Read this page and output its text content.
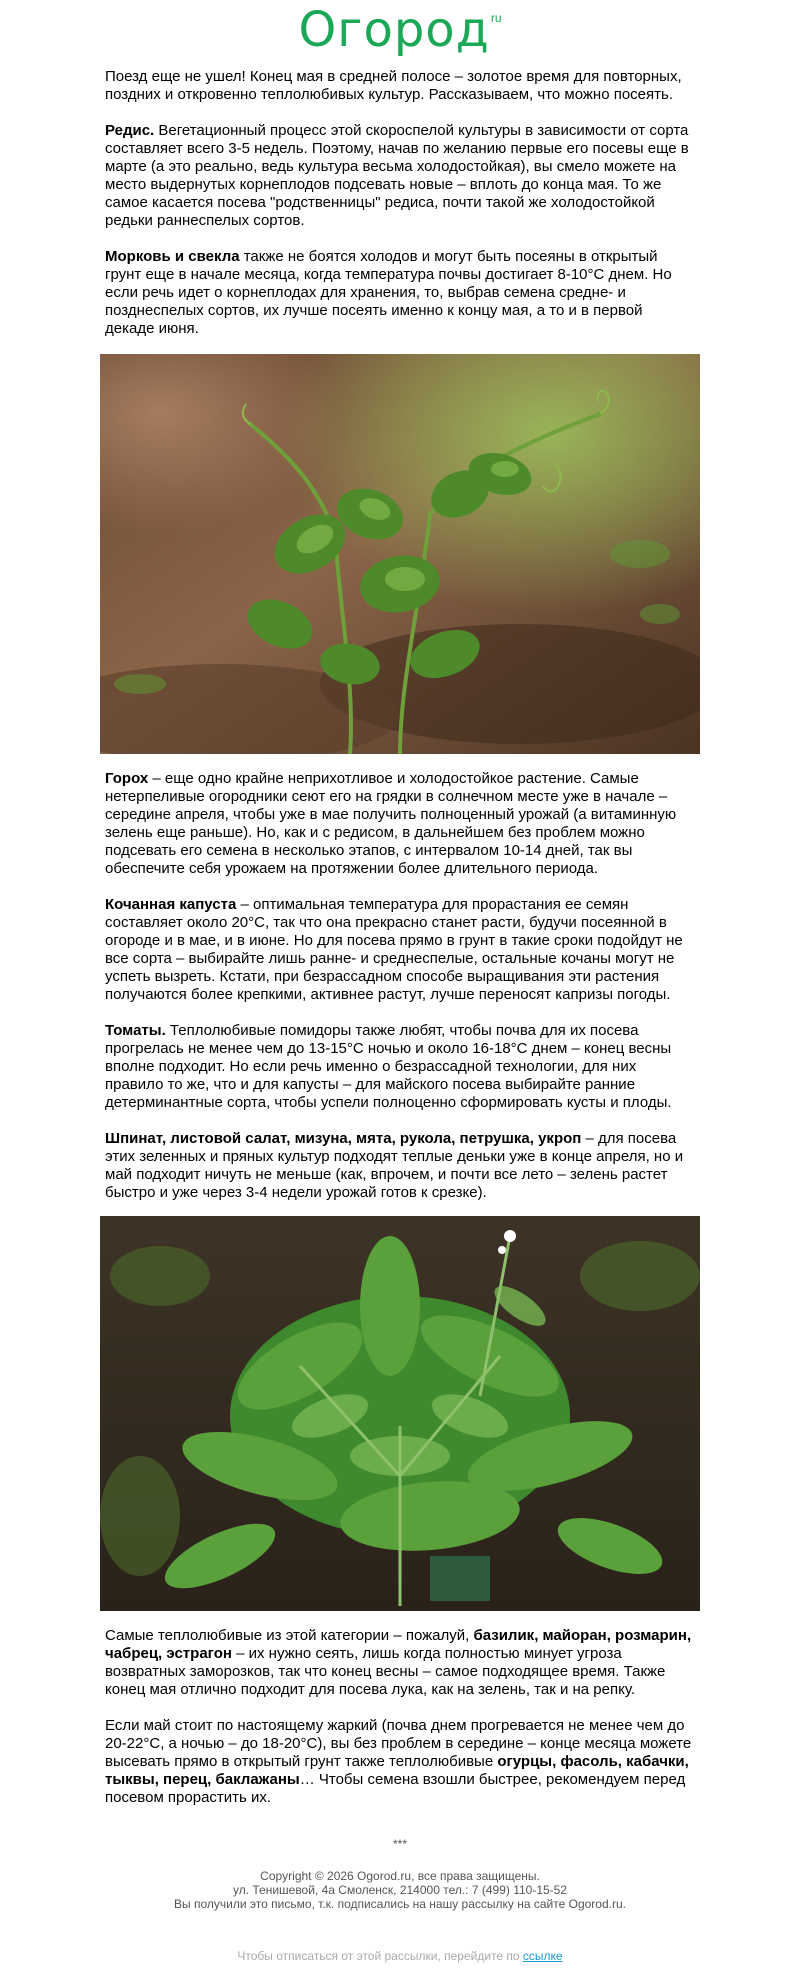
Огород ru

Поезд еще не ушел! Конец мая в средней полосе – золотое время для повторных, поздних и откровенно теплолюбивых культур. Рассказываем, что можно посеять.

Редис. Вегетационный процесс этой скороспелой культуры в зависимости от сорта составляет всего 3-5 недель. Поэтому, начав по желанию первые его посевы еще в марте (а это реально, ведь культура весьма холодостойкая), вы смело можете на место выдернутых корнеплодов подсевать новые – вплоть до конца мая. То же самое касается посева "родственницы" редиса, почти такой же холодостойкой редьки раннеспелых сортов.

Морковь и свекла также не боятся холодов и могут быть посеяны в открытый грунт еще в начале месяца, когда температура почвы достигает 8-10°С днем. Но если речь идет о корнеплодах для хранения, то, выбрав семена средне- и позднеспелых сортов, их лучше посеять именно к концу мая, а то и в первой декаде июня.

Горох – еще одно крайне неприхотливое и холодостойкое растение. Самые нетерпеливые огородники сеют его на грядки в солнечном месте уже в начале – середине апреля, чтобы уже в мае получить полноценный урожай (а витаминную зелень еще раньше). Но, как и с редисом, в дальнейшем без проблем можно подсевать его семена в несколько этапов, с интервалом 10-14 дней, так вы обеспечите себя урожаем на протяжении более длительного периода.

Кочанная капуста – оптимальная температура для прорастания ее семян составляет около 20°С, так что она прекрасно станет расти, будучи посеянной в огороде и в мае, и в июне. Но для посева прямо в грунт в такие сроки подойдут не все сорта – выбирайте лишь ранне- и среднеспелые, остальные кочаны могут не успеть вызреть. Кстати, при безрассадном способе выращивания эти растения получаются более крепкими, активнее растут, лучше переносят капризы погоды.

Томаты. Теплолюбивые помидоры также любят, чтобы почва для их посева прогрелась не менее чем до 13-15°С ночью и около 16-18°С днем – конец весны вполне подходит. Но если речь именно о безрассадной технологии, для них правило то же, что и для капусты – для майского посева выбирайте ранние детерминантные сорта, чтобы успели полноценно сформировать кусты и плоды.

Шпинат, листовой салат, мизуна, мята, рукола, петрушка, укроп – для посева этих зеленных и пряных культур подходят теплые деньки уже в конце апреля, но и май подходит ничуть не меньше (как, впрочем, и почти все лето – зелень растет быстро и уже через 3-4 недели урожай готов к срезке).

Самые теплолюбивые из этой категории – пожалуй, базилик, майоран, розмарин, чабрец, эстрагон – их нужно сеять, лишь когда полностью минует угроза возвратных заморозков, так что конец весны – самое подходящее время. Также конец мая отлично подходит для посева лука, как на зелень, так и на репку.

Если май стоит по настоящему жаркий (почва днем прогревается не менее чем до 20-22°С, а ночью – до 18-20°С), вы без проблем в середине – конце месяца можете высевать прямо в открытый грунт также теплолюбивые огурцы, фасоль, кабачки, тыквы, перец, баклажаны… Чтобы семена взошли быстрее, рекомендуем перед посевом прорастить их.

***
Copyright © 2026 Ogorod.ru, все права защищены.
ул. Тенишевой, 4а Смоленск, 214000 тел.: 7 (499) 110-15-52
Вы получили это письмо, т.к. подписались на нашу рассылку на сайте Ogorod.ru.
Чтобы отписаться от этой рассылки, перейдите по ссылке
